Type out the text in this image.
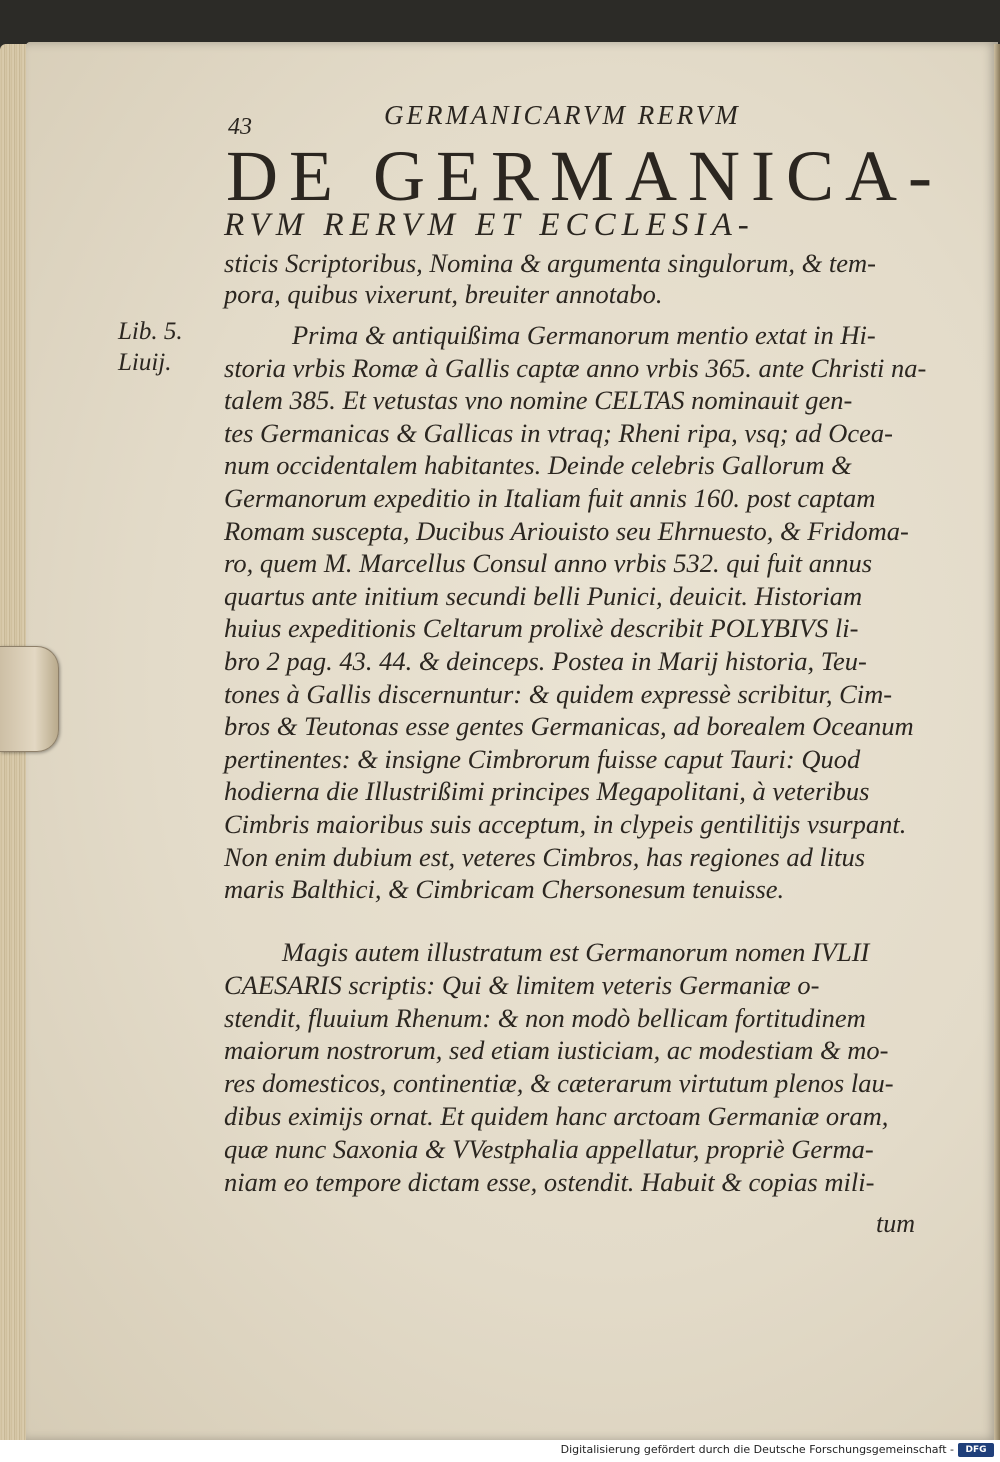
43	GERMANICARVM RERVM
DE GERMANICA-
RVM RERVM ET ECCLESIA-
sticis Scriptoribus, Nomina & argumenta singulorum, & tem-
pora, quibus vixerunt, breuiter annotabo.
Lib. 5.
Liuij.
Prima & antiquißima Germanorum mentio extat in Hi-
storia vrbis Romæ à Gallis captæ anno vrbis 365. ante Christi na-
talem 385. Et vetustas vno nomine CELTAS nominauit gen-
tes Germanicas & Gallicas in vtraq; Rheni ripa, vsq; ad Ocea-
num occidentalem habitantes. Deinde celebris Gallorum &
Germanorum expeditio in Italiam fuit annis 160. post captam
Romam suscepta, Ducibus Ariouisto seu Ehrnuesto, & Fridoma-
ro, quem M. Marcellus Consul anno vrbis 532. qui fuit annus
quartus ante initium secundi belli Punici, deuicit. Historiam
huius expeditionis Celtarum prolixè describit POLYBIVS li-
bro 2 pag. 43. 44. & deinceps. Postea in Marij historia, Teu-
tones à Gallis discernuntur: & quidem expressè scribitur, Cim-
bros & Teutonas esse gentes Germanicas, ad borealem Oceanum
pertinentes: & insigne Cimbrorum fuisse caput Tauri: Quod
hodierna die Illustrißimi principes Megapolitani, à veteribus
Cimbris maioribus suis acceptum, in clypeis gentilitijs vsurpant.
Non enim dubium est, veteres Cimbros, has regiones ad litus
maris Balthici, & Cimbricam Chersonesum tenuisse.
Magis autem illustratum est Germanorum nomen IVLII
CAESARIS scriptis: Qui & limitem veteris Germaniæ o-
stendit, fluuium Rhenum: & non modò bellicam fortitudinem
maiorum nostrorum, sed etiam iusticiam, ac modestiam & mo-
res domesticos, continentiæ, & cæterarum virtutum plenos lau-
dibus eximijs ornat. Et quidem hanc arctoam Germaniæ oram,
quæ nunc Saxonia & VVestphalia appellatur, propriè Germa-
niam eo tempore dictam esse, ostendit. Habuit & copias mili-
tum
Digitalisierung gefördert durch die Deutsche Forschungsgemeinschaft -	DFG
